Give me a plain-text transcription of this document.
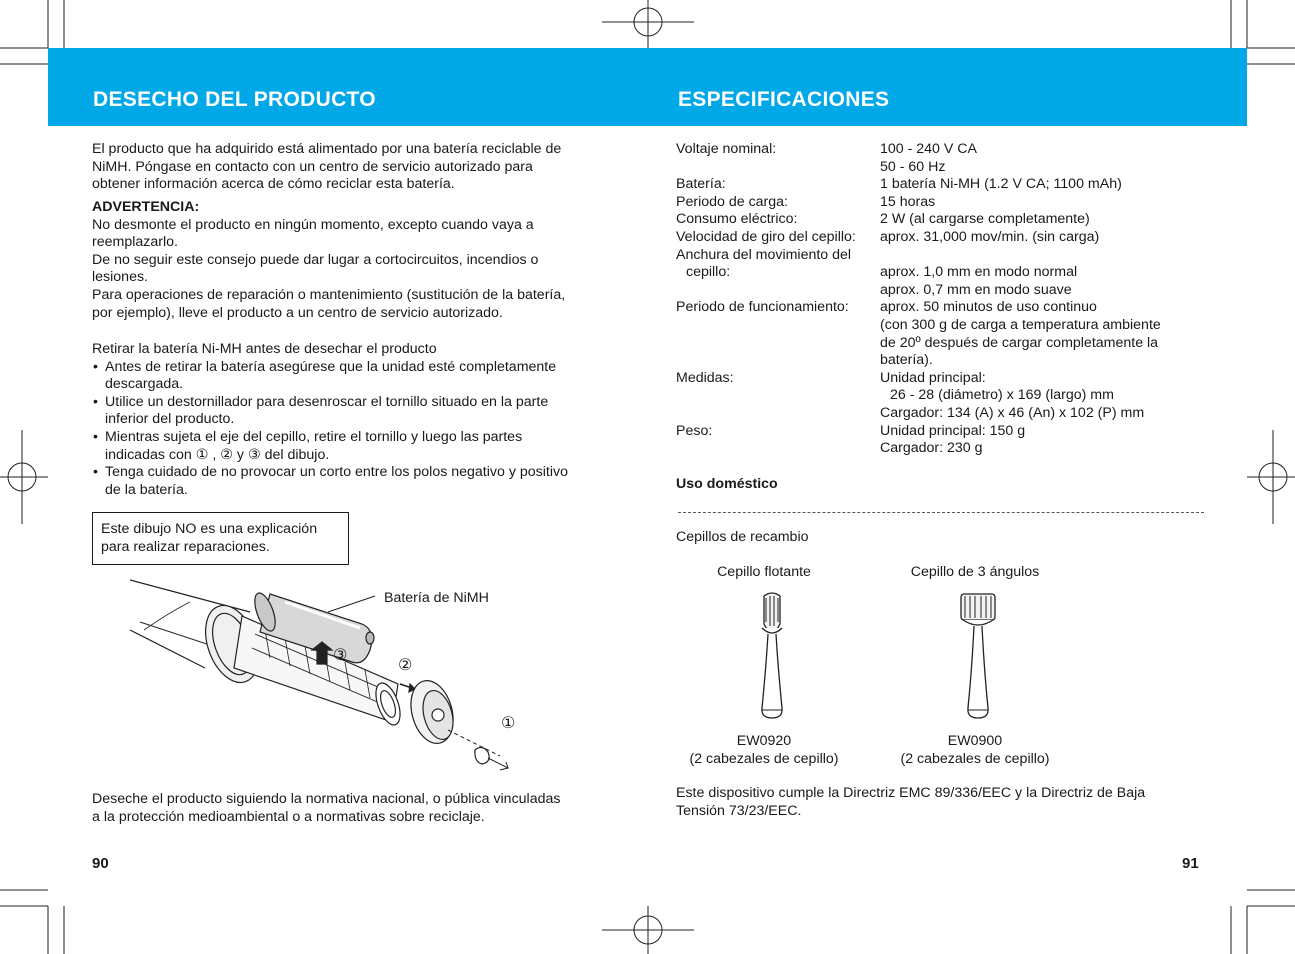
DESECHO DEL PRODUCTO	ESPECIFICACIONES

El producto que ha adquirido está alimentado por una batería reciclable de

NiMH. Póngase en contacto con un centro de servicio autorizado para

obtener información acerca de cómo reciclar esta batería.

ADVERTENCIA:

No desmonte el producto en ningún momento, excepto cuando vaya a

reemplazarlo.

De no seguir este consejo puede dar lugar a cortocircuitos, incendios o

lesiones.

Para operaciones de reparación o mantenimiento (sustitución de la batería,

por ejemplo), lleve el producto a un centro de servicio autorizado.

Retirar la batería Ni-MH antes de desechar el producto

• Antes de retirar la batería asegúrese que la unidad esté completamente
descargada.
• Utilice un destornillador para desenroscar el tornillo situado en la parte
inferior del producto.
• Mientras sujeta el eje del cepillo, retire el tornillo y luego las partes
indicadas con ① , ② y ③ del dibujo.
• Tenga cuidado de no provocar un corto entre los polos negativo y positivo
de la batería.
Este dibujo NO es una explicación
para realizar reparaciones.
Batería de NiMH
③
②
①

Deseche el producto siguiendo la normativa nacional, o pública vinculadas

a la protección medioambiental o a normativas sobre reciclaje.

90
Voltaje nominal:	100 - 240 V CA
50 - 60 Hz
Batería:	1 batería Ni-MH (1.2 V CA; 1100 mAh)
Periodo de carga:	15 horas
Consumo eléctrico:	2 W (al cargarse completamente)
Velocidad de giro del cepillo: aprox. 31,000 mov/min. (sin carga)
Anchura del movimiento del
cepillo:	aprox. 1,0 mm en modo normal
aprox. 0,7 mm en modo suave
Periodo de funcionamiento: aprox. 50 minutos de uso continuo
(con 300 g de carga a temperatura ambiente
de 20º después de cargar completamente la
batería).
Medidas:	Unidad principal:
26 - 28 (diámetro) x 169 (largo) mm
Cargador: 134 (A) x 46 (An) x 102 (P) mm
Peso:	Unidad principal: 150 g
Cargador: 230 g
Uso doméstico
Cepillos de recambio
Cepillo flotante	Cepillo de 3 ángulos
EW0920
(2 cabezales de cepillo)
EW0900
(2 cabezales de cepillo)

Este dispositivo cumple la Directriz EMC 89/336/EEC y la Directriz de Baja

Tensión 73/23/EEC.

91
